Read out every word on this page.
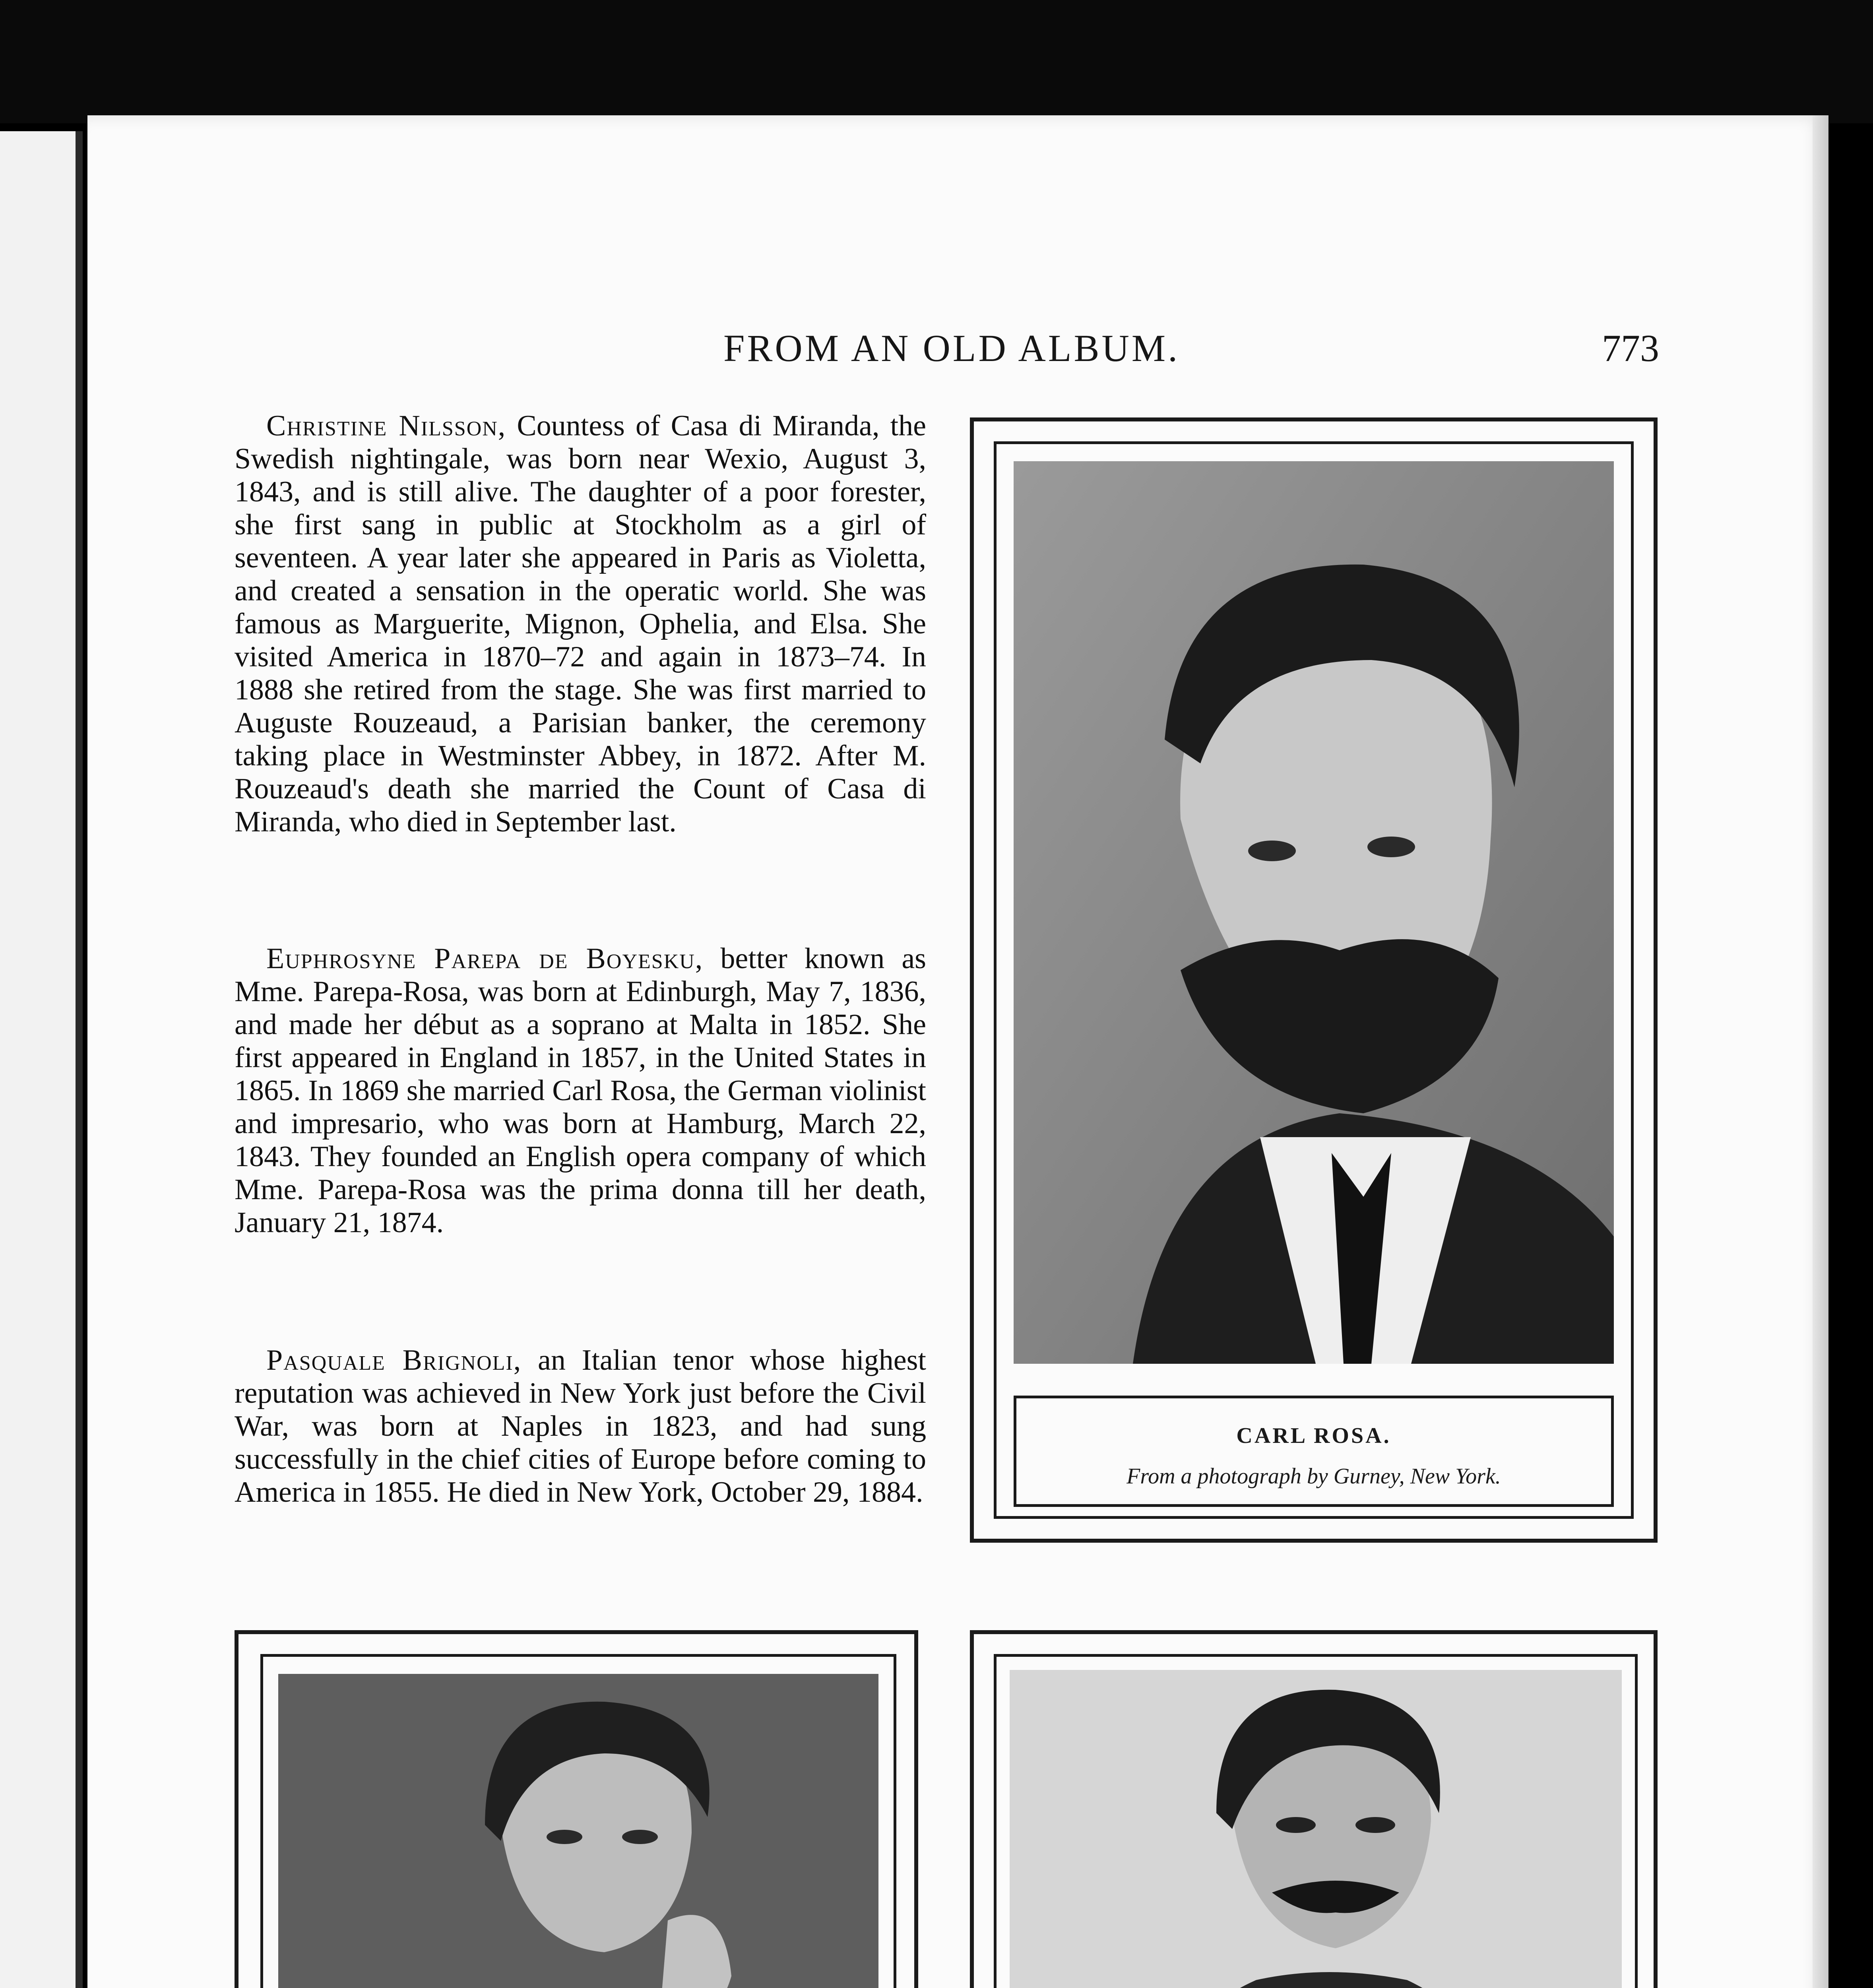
FROM AN OLD ALBUM.	773

Christine Nilsson, Countess of Casa di Miranda, the Swedish nightingale, was born near Wexio, August 3, 1843, and is still alive. The daughter of a poor forester, she first sang in public at Stockholm as a girl of seventeen. A year later she appeared in Paris as Violetta, and created a sensation in the operatic world. She was famous as Marguerite, Mignon, Ophelia, and Elsa. She visited America in 1870–72 and again in 1873–74. In 1888 she retired from the stage. She was first married to Auguste Rouzeaud, a Parisian banker, the ceremony taking place in Westminster Abbey, in 1872. After M. Rouzeaud's death she married the Count of Casa di Miranda, who died in September last.

Euphrosyne Parepa de Boyesku, better known as Mme. Parepa-Rosa, was born at Edinburgh, May 7, 1836, and made her début as a soprano at Malta in 1852. She first appeared in England in 1857, in the United States in 1865. In 1869 she married Carl Rosa, the German violinist and impresario, who was born at Hamburg, March 22, 1843. They founded an English opera company of which Mme. Parepa-Rosa was the prima donna till her death, January 21, 1874.

Pasquale Brignoli, an Italian tenor whose highest reputation was achieved in New York just before the Civil War, was born at Naples in 1823, and had sung successfully in the chief cities of Europe before coming to America in 1855. He died in New York, October 29, 1884.

CARL ROSA.
From a photograph by Gurney, New York.
